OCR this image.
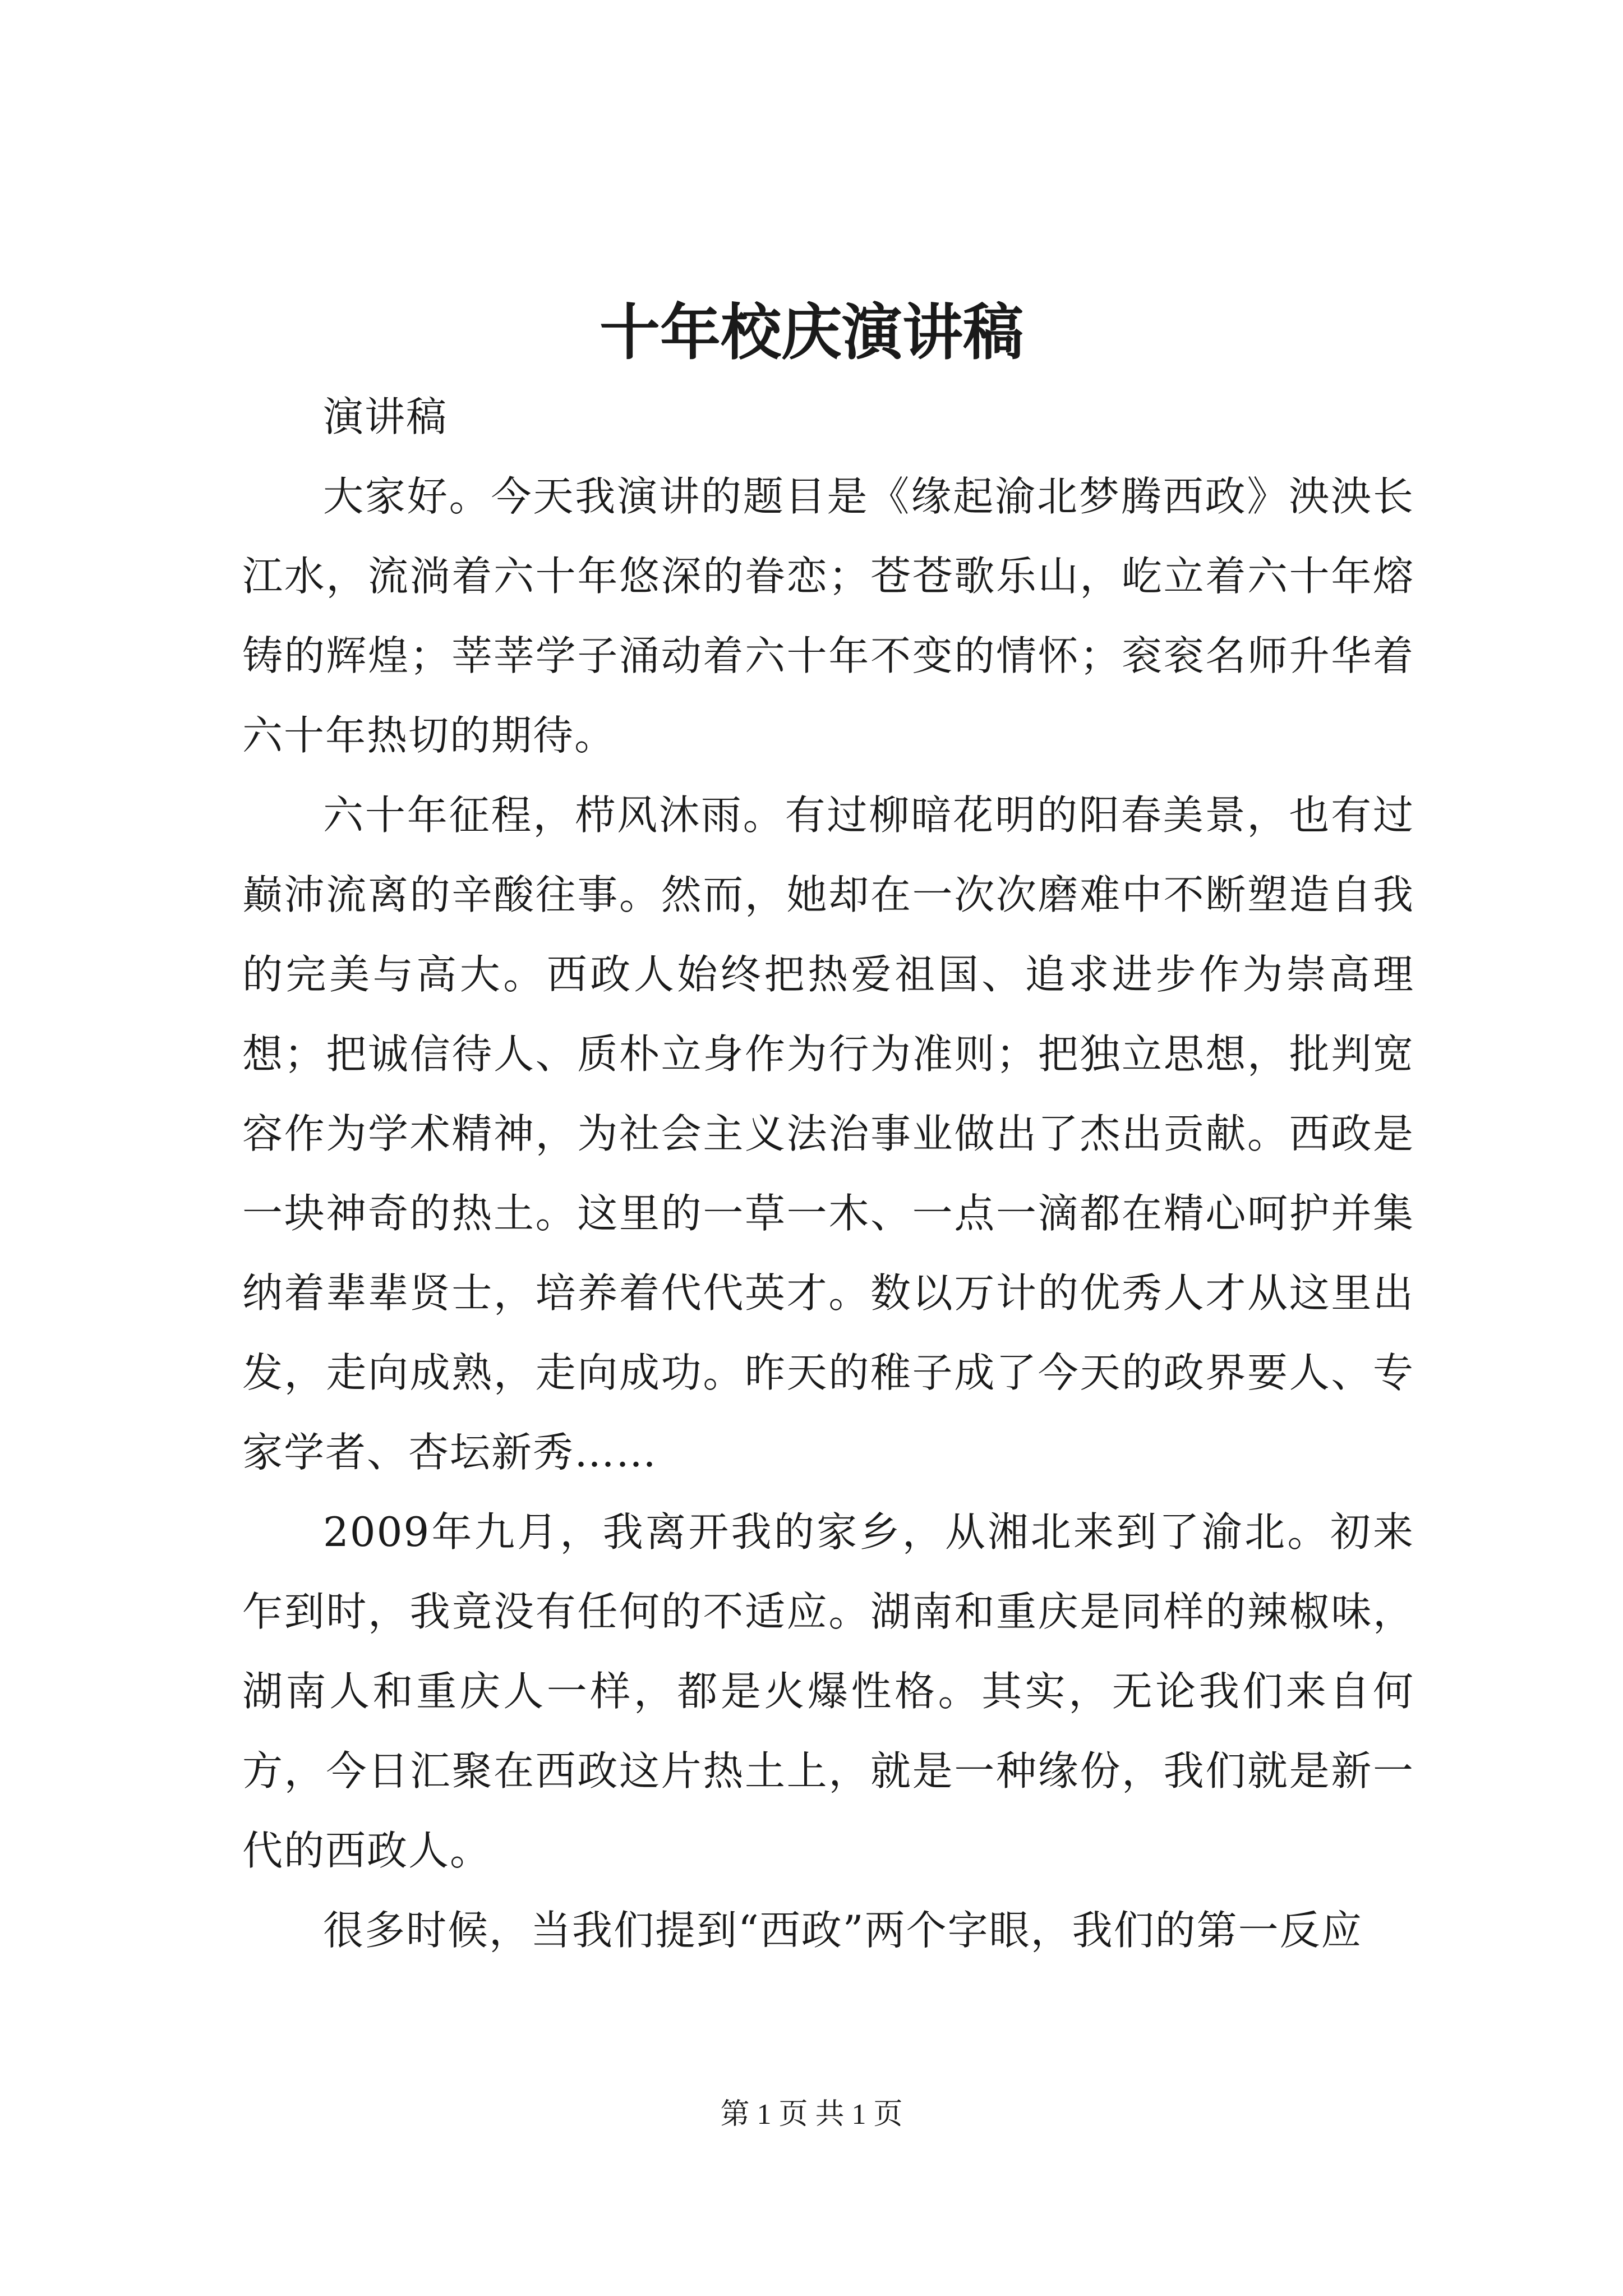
十年校庆演讲稿

演讲稿

大家好。今天我演讲的题目是《缘起渝北梦腾西政》泱泱长江水，流淌着六十年悠深的眷恋；苍苍歌乐山，屹立着六十年熔铸的辉煌；莘莘学子涌动着六十年不变的情怀；衮衮名师升华着六十年热切的期待。

六十年征程，栉风沐雨。有过柳暗花明的阳春美景，也有过巅沛流离的辛酸往事。然而，她却在一次次磨难中不断塑造自我的完美与高大。西政人始终把热爱祖国、追求进步作为崇高理想；把诚信待人、质朴立身作为行为准则；把独立思想，批判宽容作为学术精神，为社会主义法治事业做出了杰出贡献。西政是一块神奇的热土。这里的一草一木、一点一滴都在精心呵护并集纳着辈辈贤士，培养着代代英才。数以万计的优秀人才从这里出发，走向成熟，走向成功。昨天的稚子成了今天的政界要人、专家学者、杏坛新秀……

2009年九月，我离开我的家乡，从湘北来到了渝北。初来乍到时，我竟没有任何的不适应。湖南和重庆是同样的辣椒味，湖南人和重庆人一样，都是火爆性格。其实，无论我们来自何方，今日汇聚在西政这片热土上，就是一种缘份，我们就是新一代的西政人。

很多时候，当我们提到“西政”两个字眼，我们的第一反应

第 1 页 共 1 页
